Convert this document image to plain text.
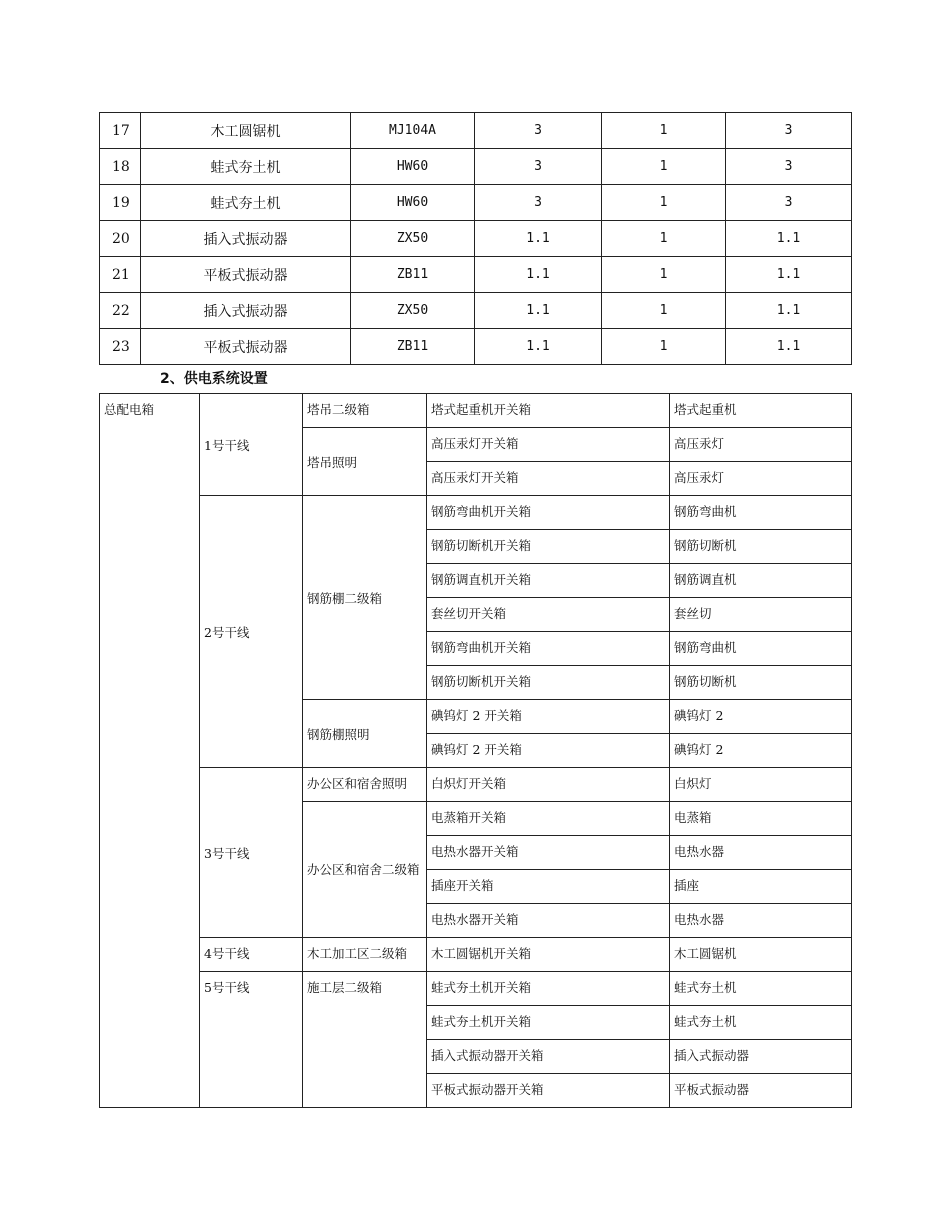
17	木工圆锯机	MJ104A	3	1	3
18	蛙式夯土机	HW60	3	1	3
19	蛙式夯土机	HW60	3	1	3
20	插入式振动器	ZX50	1.1	1	1.1
21	平板式振动器	ZB11	1.1	1	1.1
22	插入式振动器	ZX50	1.1	1	1.1
23	平板式振动器	ZB11	1.1	1	1.1
2、供电系统设置
总配电箱	1号干线	塔吊二级箱	塔式起重机开关箱	塔式起重机
		塔吊照明	高压汞灯开关箱	高压汞灯
			高压汞灯开关箱	高压汞灯
	2号干线	钢筋棚二级箱	钢筋弯曲机开关箱	钢筋弯曲机
			钢筋切断机开关箱	钢筋切断机
			钢筋调直机开关箱	钢筋调直机
			套丝切开关箱	套丝切
			钢筋弯曲机开关箱	钢筋弯曲机
			钢筋切断机开关箱	钢筋切断机
		钢筋棚照明	碘钨灯 2 开关箱	碘钨灯 2
			碘钨灯 2 开关箱	碘钨灯 2
	3号干线	办公区和宿舍照明	白炽灯开关箱	白炽灯
		办公区和宿舍二级箱	电蒸箱开关箱	电蒸箱
			电热水器开关箱	电热水器
			插座开关箱	插座
			电热水器开关箱	电热水器
	4号干线	木工加工区二级箱	木工圆锯机开关箱	木工圆锯机
	5号干线	施工层二级箱	蛙式夯土机开关箱	蛙式夯土机
			蛙式夯土机开关箱	蛙式夯土机
			插入式振动器开关箱	插入式振动器
			平板式振动器开关箱	平板式振动器
